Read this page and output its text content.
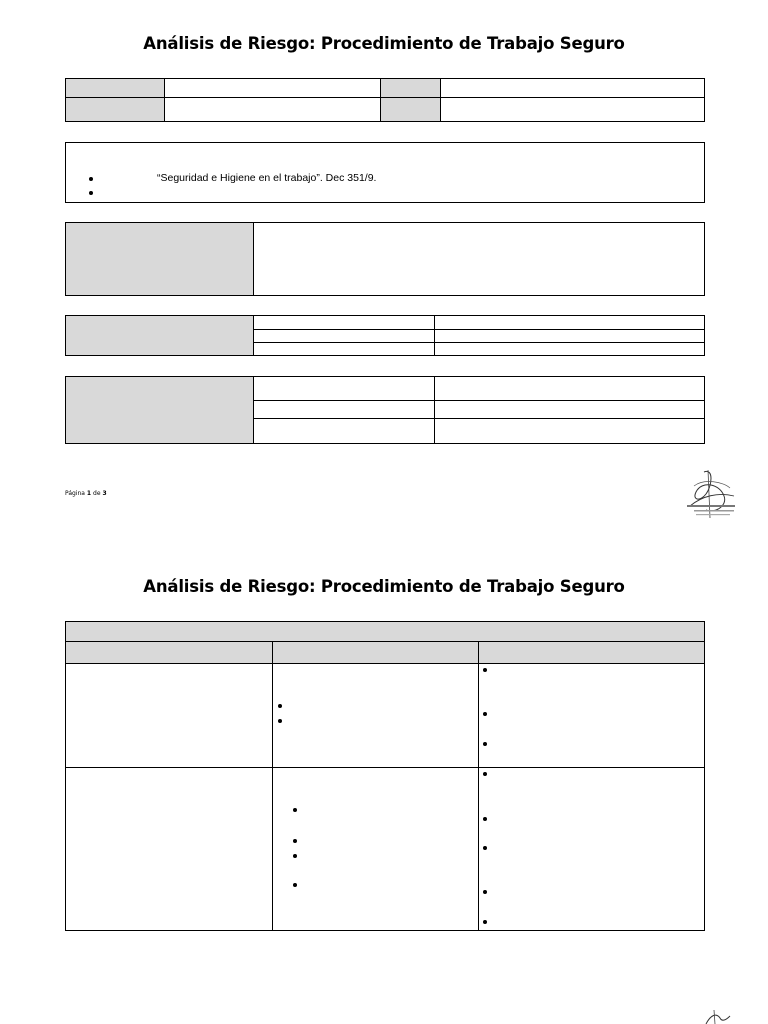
Análisis de Riesgo: Procedimiento de Trabajo Seguro
“Seguridad e Higiene en el trabajo”. Dec 351/9.
Página 1 de 3
Análisis de Riesgo: Procedimiento de Trabajo Seguro
